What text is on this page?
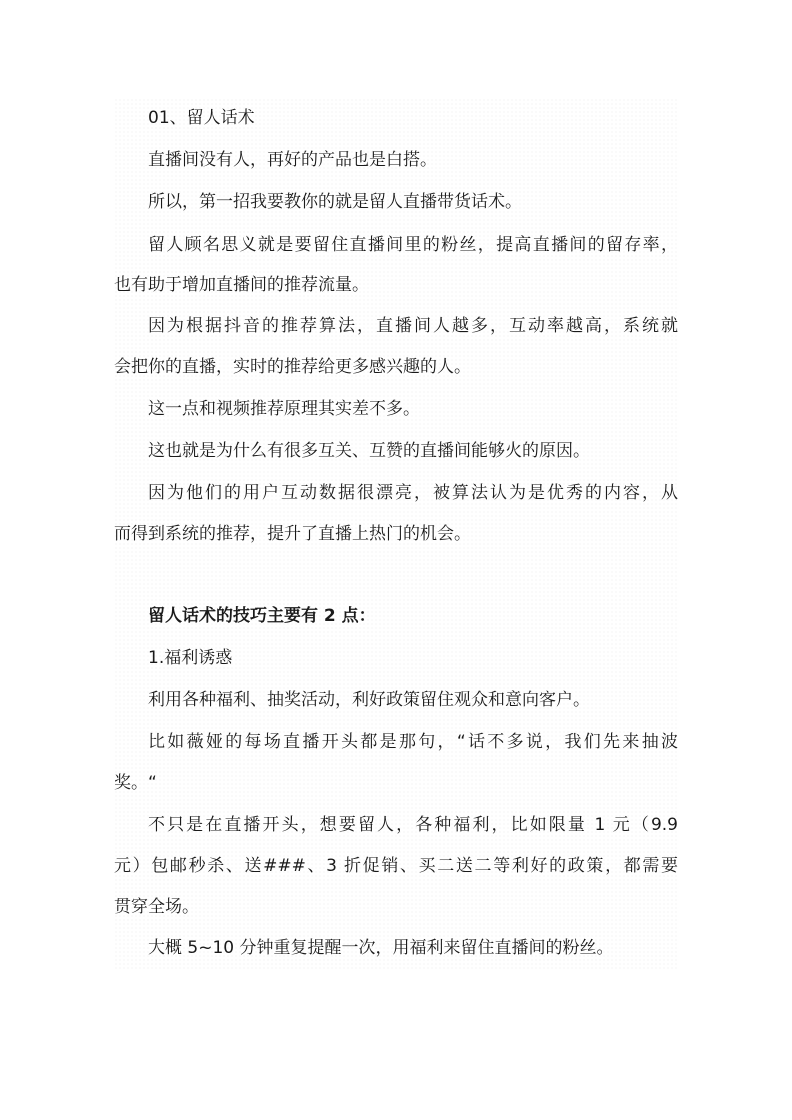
01、留人话术
直播间没有人，再好的产品也是白搭。
所以，第一招我要教你的就是留人直播带货话术。
留人顾名思义就是要留住直播间里的粉丝，提高直播间的留存率，
也有助于增加直播间的推荐流量。
因为根据抖音的推荐算法，直播间人越多，互动率越高，系统就
会把你的直播，实时的推荐给更多感兴趣的人。
这一点和视频推荐原理其实差不多。
这也就是为什么有很多互关、互赞的直播间能够火的原因。
因为他们的用户互动数据很漂亮，被算法认为是优秀的内容，从
而得到系统的推荐，提升了直播上热门的机会。
留人话术的技巧主要有 2 点：
1.福利诱惑
利用各种福利、抽奖活动，利好政策留住观众和意向客户。
比如薇娅的每场直播开头都是那句，“话不多说，我们先来抽波
奖。“
不只是在直播开头，想要留人，各种福利，比如限量 1 元（9.9
元）包邮秒杀、送###、3 折促销、买二送二等利好的政策，都需要
贯穿全场。
大概 5~10 分钟重复提醒一次，用福利来留住直播间的粉丝。
